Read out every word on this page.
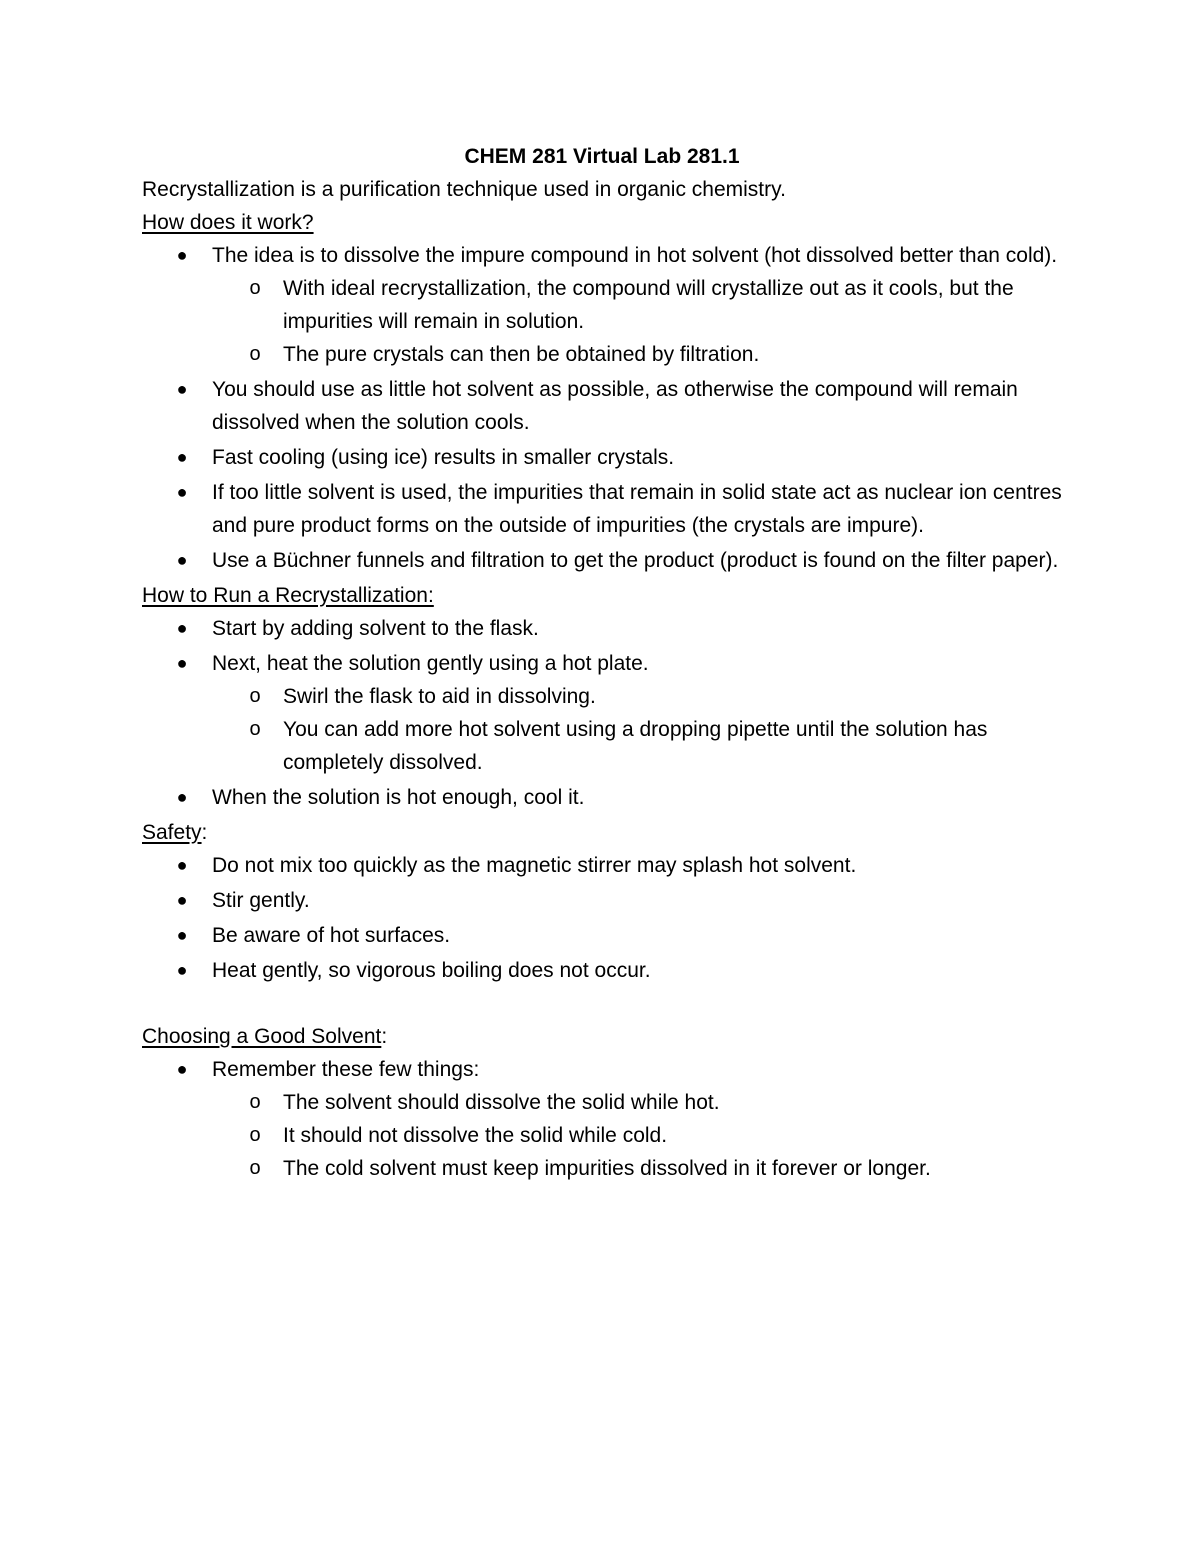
CHEM 281 Virtual Lab 281.1

Recrystallization is a purification technique used in organic chemistry.

How does it work?

● The idea is to dissolve the impure compound in hot solvent (hot dissolved better than cold).
o With ideal recrystallization, the compound will crystallize out as it cools, but the impurities will remain in solution.
o The pure crystals can then be obtained by filtration.
● You should use as little hot solvent as possible, as otherwise the compound will remain dissolved when the solution cools.
● Fast cooling (using ice) results in smaller crystals.
● If too little solvent is used, the impurities that remain in solid state act as nuclear ion centres and pure product forms on the outside of impurities (the crystals are impure).
● Use a Büchner funnels and filtration to get the product (product is found on the filter paper).

How to Run a Recrystallization:

● Start by adding solvent to the flask.
● Next, heat the solution gently using a hot plate.
o Swirl the flask to aid in dissolving.
o You can add more hot solvent using a dropping pipette until the solution has completely dissolved.
● When the solution is hot enough, cool it.

Safety:

● Do not mix too quickly as the magnetic stirrer may splash hot solvent.
● Stir gently.
● Be aware of hot surfaces.
● Heat gently, so vigorous boiling does not occur.

Choosing a Good Solvent:

● Remember these few things:
o The solvent should dissolve the solid while hot.
o It should not dissolve the solid while cold.
o The cold solvent must keep impurities dissolved in it forever or longer.
